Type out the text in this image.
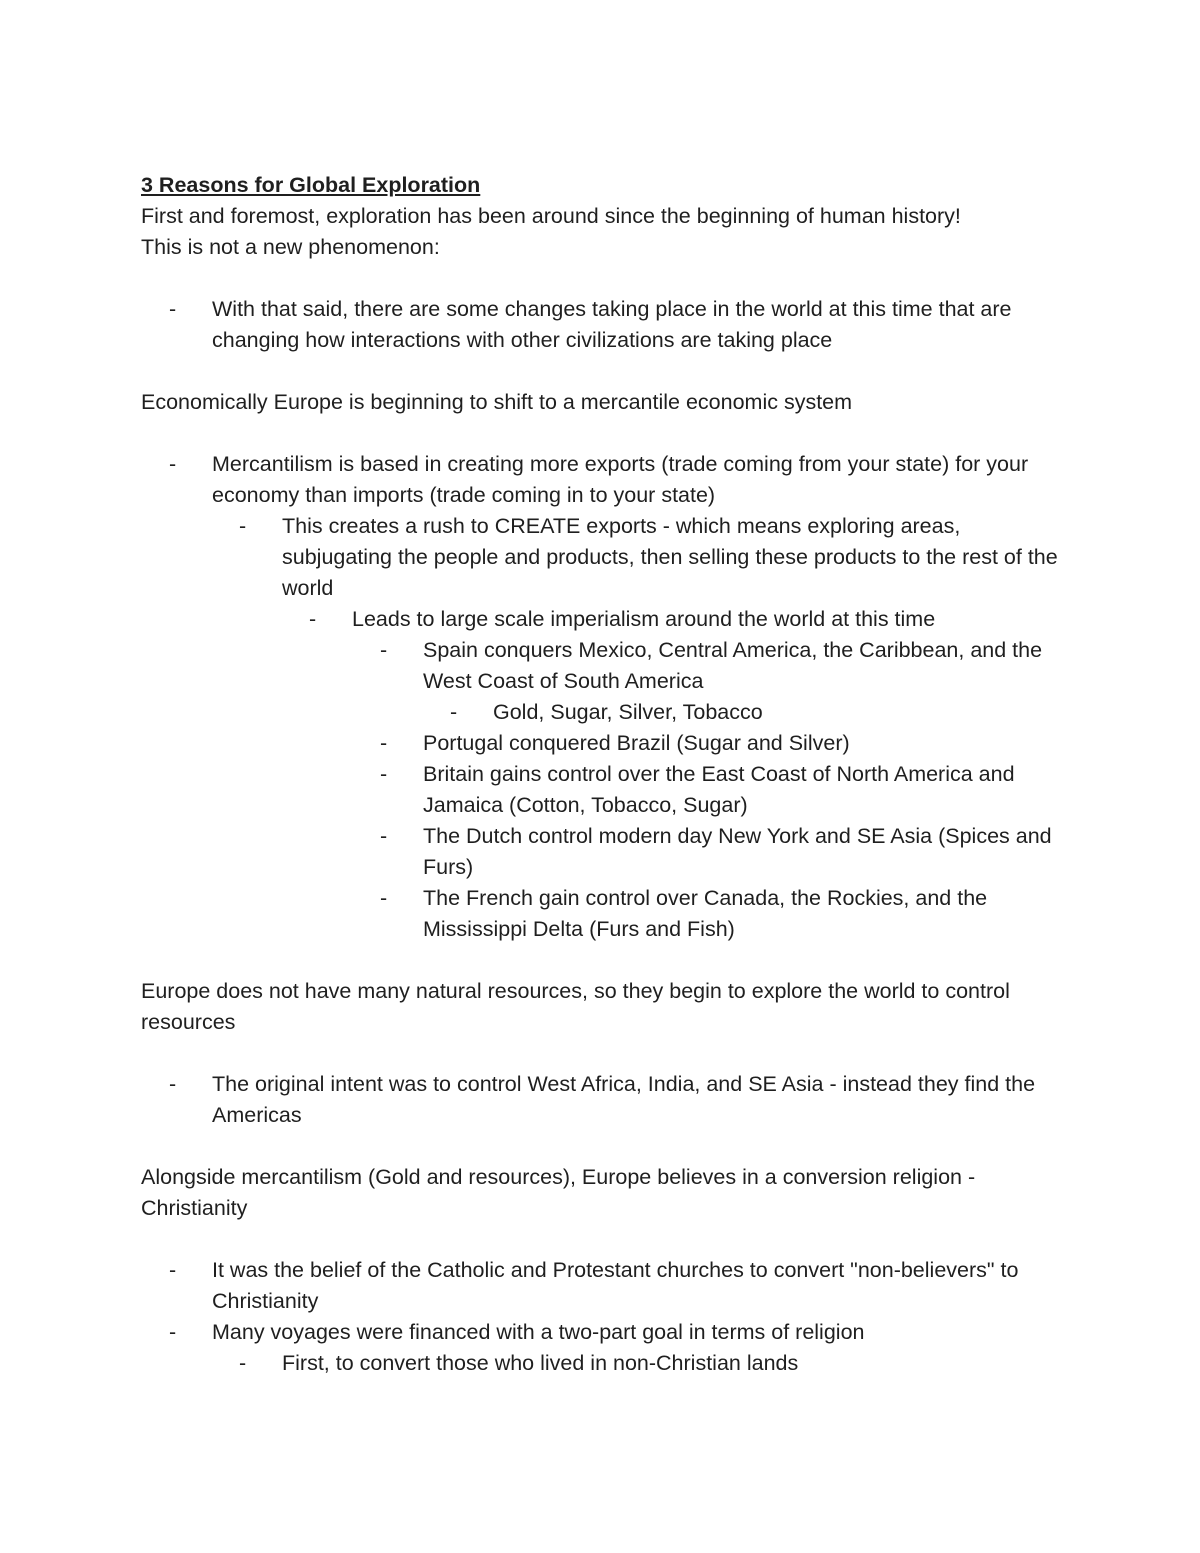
3 Reasons for Global Exploration

First and foremost, exploration has been around since the beginning of human history!

This is not a new phenomenon:

- With that said, there are some changes taking place in the world at this time that are changing how interactions with other civilizations are taking place

Economically Europe is beginning to shift to a mercantile economic system

- Mercantilism is based in creating more exports (trade coming from your state) for your economy than imports (trade coming in to your state)
- This creates a rush to CREATE exports - which means exploring areas, subjugating the people and products, then selling these products to the rest of the world
- Leads to large scale imperialism around the world at this time
- Spain conquers Mexico, Central America, the Caribbean, and the West Coast of South America
- Gold, Sugar, Silver, Tobacco
- Portugal conquered Brazil (Sugar and Silver)
- Britain gains control over the East Coast of North America and Jamaica (Cotton, Tobacco, Sugar)
- The Dutch control modern day New York and SE Asia (Spices and Furs)
- The French gain control over Canada, the Rockies, and the Mississippi Delta (Furs and Fish)

Europe does not have many natural resources, so they begin to explore the world to control resources

- The original intent was to control West Africa, India, and SE Asia - instead they find the Americas

Alongside mercantilism (Gold and resources), Europe believes in a conversion religion - Christianity

- It was the belief of the Catholic and Protestant churches to convert "non-believers" to Christianity
- Many voyages were financed with a two-part goal in terms of religion
- First, to convert those who lived in non-Christian lands
